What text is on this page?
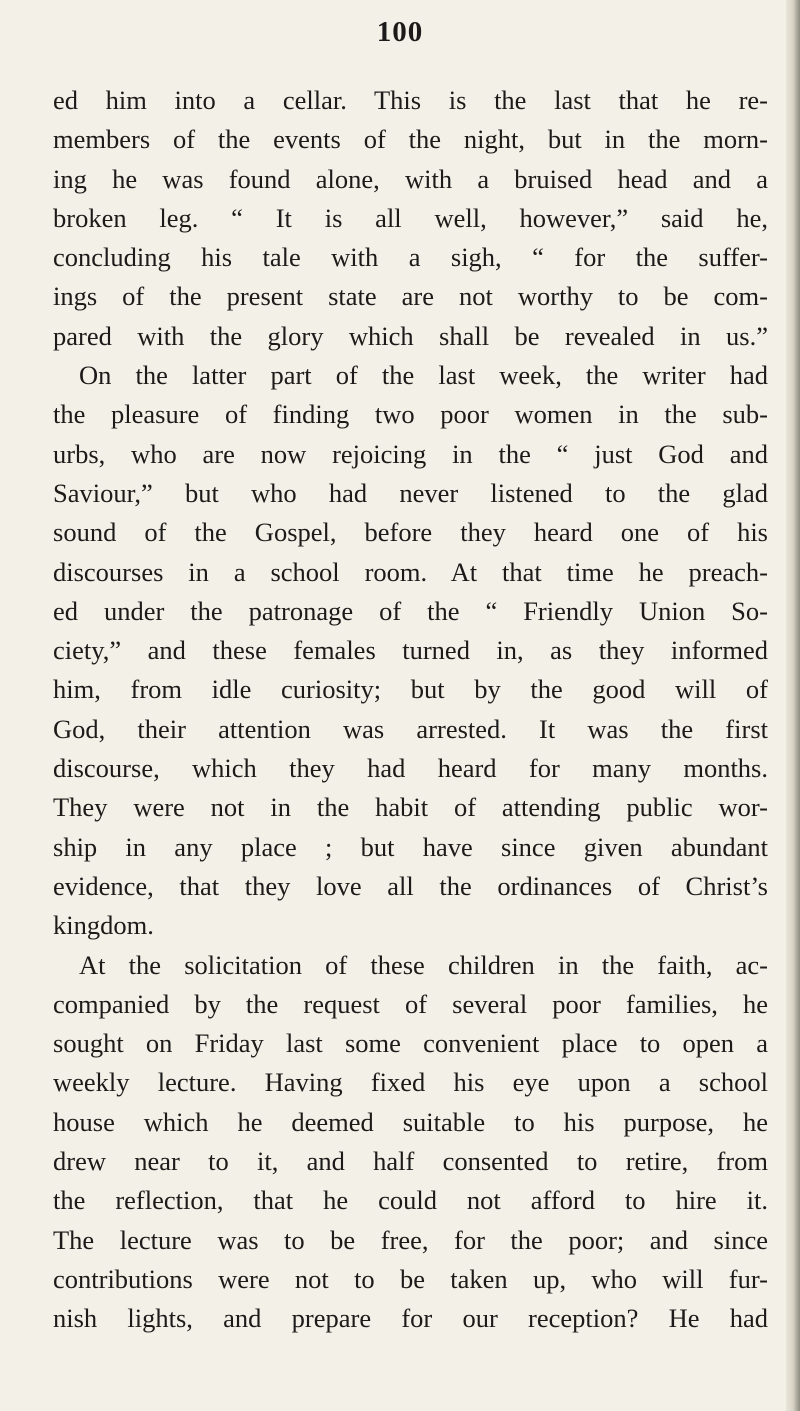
100
ed him into a cellar. This is the last that he re-
members of the events of the night, but in the morn-
ing he was found alone, with a bruised head and a
broken leg. “ It is all well, however,” said he,
concluding his tale with a sigh, “ for the suffer-
ings of the present state are not worthy to be com-
pared with the glory which shall be revealed in us.”
On the latter part of the last week, the writer had
the pleasure of finding two poor women in the sub-
urbs, who are now rejoicing in the “ just God and
Saviour,” but who had never listened to the glad
sound of the Gospel, before they heard one of his
discourses in a school room. At that time he preach-
ed under the patronage of the “ Friendly Union So-
ciety,” and these females turned in, as they informed
him, from idle curiosity; but by the good will of
God, their attention was arrested. It was the first
discourse, which they had heard for many months.
They were not in the habit of attending public wor-
ship in any place ; but have since given abundant
evidence, that they love all the ordinances of Christ’s
kingdom.
At the solicitation of these children in the faith, ac-
companied by the request of several poor families, he
sought on Friday last some convenient place to open a
weekly lecture. Having fixed his eye upon a school
house which he deemed suitable to his purpose, he
drew near to it, and half consented to retire, from
the reflection, that he could not afford to hire it.
The lecture was to be free, for the poor; and since
contributions were not to be taken up, who will fur-
nish lights, and prepare for our reception? He had
